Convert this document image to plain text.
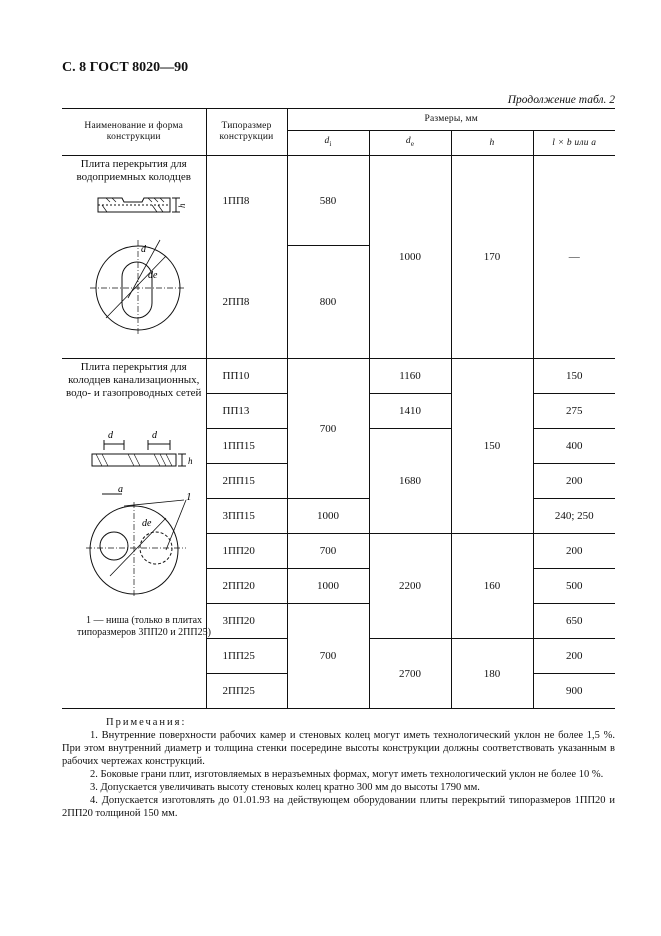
С. 8 ГОСТ 8020—90
Продолжение табл. 2
Наименование и форма конструкции	Типоразмер конструкции	Размеры, мм			
		$d_i$	$d_e$	h	l × b или a

Плита перекрытия для водоприемных колодцев	1ПП8	580	1000	170	—
	2ПП8	800			

Плита перекрытия для колодцев канализационных, водо- и газопроводных сетей	ПП10	700	1160	150	150
	ПП13		1410		275
	1ПП15		1680		400
	2ПП15				200
	3ПП15	1000			240; 250
	1ПП20	700	2200	160	200
	2ПП20	1000			500
	3ПП20	700			650
	1ПП25		2700	180	200
	2ПП25				900
h
d
de
d	d
h
a
de
1
1 — ниша (только в плитах типоразмеров 3ПП20 и 2ПП25)

Примечания:

1. Внутренние поверхности рабочих камер и стеновых колец могут иметь технологический уклон не более 1,5 %. При этом внутренний диаметр и толщина стенки посередине высоты конструкции должны соответствовать указанным в рабочих чертежах конструкций.

2. Боковые грани плит, изготовляемых в неразъемных формах, могут иметь технологический уклон не более 10 %.

3. Допускается увеличивать высоту стеновых колец кратно 300 мм до высоты 1790 мм.

4. Допускается изготовлять до 01.01.93 на действующем оборудовании плиты перекрытий типоразмеров 1ПП20 и 2ПП20 толщиной 150 мм.
